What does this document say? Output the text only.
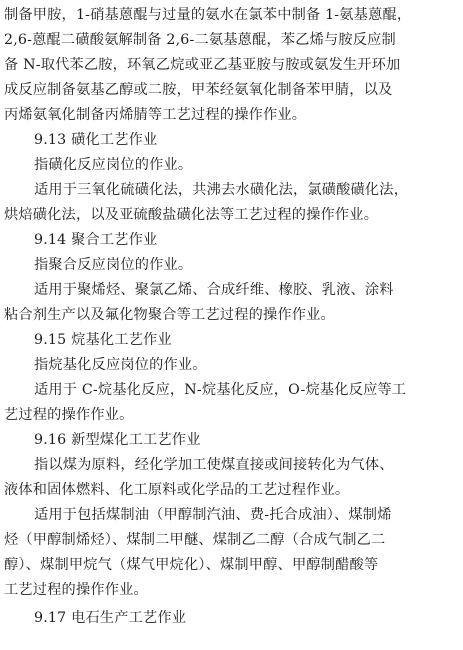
制备甲胺，1-硝基蒽醌与过量的氨水在氯苯中制备 1-氨基蒽醌，
2,6-蒽醌二磺酸氨解制备 2,6-二氨基蒽醌，苯乙烯与胺反应制
备 N-取代苯乙胺，环氧乙烷或亚乙基亚胺与胺或氨发生开环加
成反应制备氨基乙醇或二胺，甲苯经氨氧化制备苯甲腈，以及
丙烯氨氧化制备丙烯腈等工艺过程的操作作业。
9.13 磺化工艺作业
指磺化反应岗位的作业。
适用于三氧化硫磺化法，共沸去水磺化法，氯磺酸磺化法，
烘焙磺化法，以及亚硫酸盐磺化法等工艺过程的操作作业。
9.14 聚合工艺作业
指聚合反应岗位的作业。
适用于聚烯烃、聚氯乙烯、合成纤维、橡胶、乳液、涂料
粘合剂生产以及氟化物聚合等工艺过程的操作作业。
9.15 烷基化工艺作业
指烷基化反应岗位的作业。
适用于 C-烷基化反应，N-烷基化反应，O-烷基化反应等工
艺过程的操作作业。
9.16 新型煤化工工艺作业
指以煤为原料，经化学加工使煤直接或间接转化为气体、
液体和固体燃料、化工原料或化学品的工艺过程作业。
适用于包括煤制油（甲醇制汽油、费-托合成油）、煤制烯
烃（甲醇制烯烃）、煤制二甲醚、煤制乙二醇（合成气制乙二
醇）、煤制甲烷气（煤气甲烷化）、煤制甲醇、甲醇制醋酸等
工艺过程的操作作业。
9.17 电石生产工艺作业
